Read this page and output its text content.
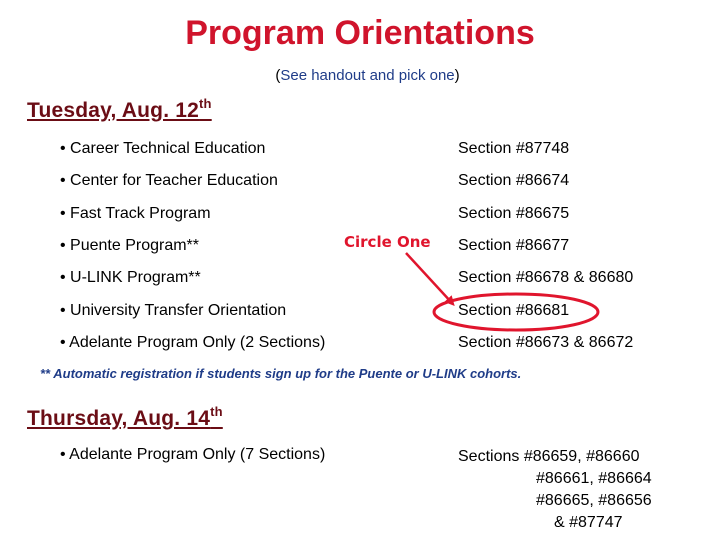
Program Orientations
(See handout and pick one)
Tuesday, Aug. 12th
• Career Technical Education	Section #87748
• Center for Teacher Education	Section #86674
• Fast Track Program	Section #86675
• Puente Program**	Section #86677
• U-LINK Program**	Section #86678 & 86680
• University Transfer Orientation	Section #86681
• Adelante Program Only (2 Sections)	Section #86673 & 86672
Circle One
** Automatic registration if students sign up for the Puente or U-LINK cohorts.
Thursday, Aug. 14th
• Adelante Program Only (7 Sections)	Sections #86659, #86660
#86661, #86664
#86665, #86656
& #87747
